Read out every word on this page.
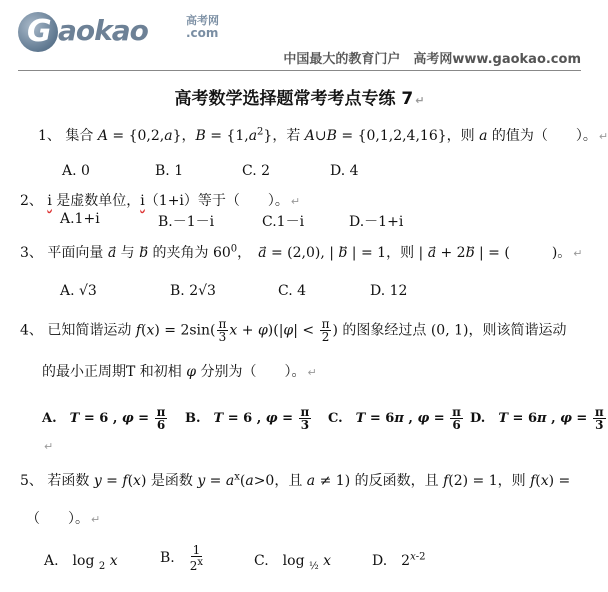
G aokao	高考网
.com
中国最大的教育门户　高考网www.gaokao.com
高考数学选择题常考考点专练 7 ↵
1、 集合 A = {0,2,a}，$B = \{1,a^2\}$，若 A∪B = {0,1,2,4,16}，则 a 的值为（　　）。 ↵
A. 0	B. 1	C. 2	D. 4
2、 i 是虚数单位，i（1+i）等于（　　）。 ↵
A.1+i	B.－1－i	C.1－i	D.－1+i
3、 平面向量 a⃗ 与 b⃗ 的夹角为 $60^0$，　a⃗ = (2,0), | b⃗ | = 1，则 | a⃗ + 2b⃗ | = (　　　)。 ↵
A. √3	B. 2√3	C. 4	D. 12
4、 已知简谐运动 $f(x) = 2\sin( \frac{\pi}{3}$ $x + \varphi)(|\varphi| < \frac{\pi}{2}$ ) 的图象经过点 (0, 1)，则该简谐运动
的最小正周期T 和初相 φ 分别为（　　）。 ↵
A.　T = 6 , $\varphi = \frac{\pi}{6} B$.　T = 6 , $\varphi = \frac{\pi}{3} C$.　T = 6π , $\varphi = \frac{\pi}{6} D$.　T = 6π , $\varphi = \frac{\pi}{3}$
↵
5、 若函数 y = f(x) 是函数 $y = a^x(a>0$，且 a ≠ 1) 的反函数，且 f(2) = 1，则 f(x) =
（　　）。 ↵
A.　log $_2$ x	B.　 $\frac{1}{2^x}$	C.　log $_{\frac{1}{2}}$ x	D.　2$^{x-2}$
